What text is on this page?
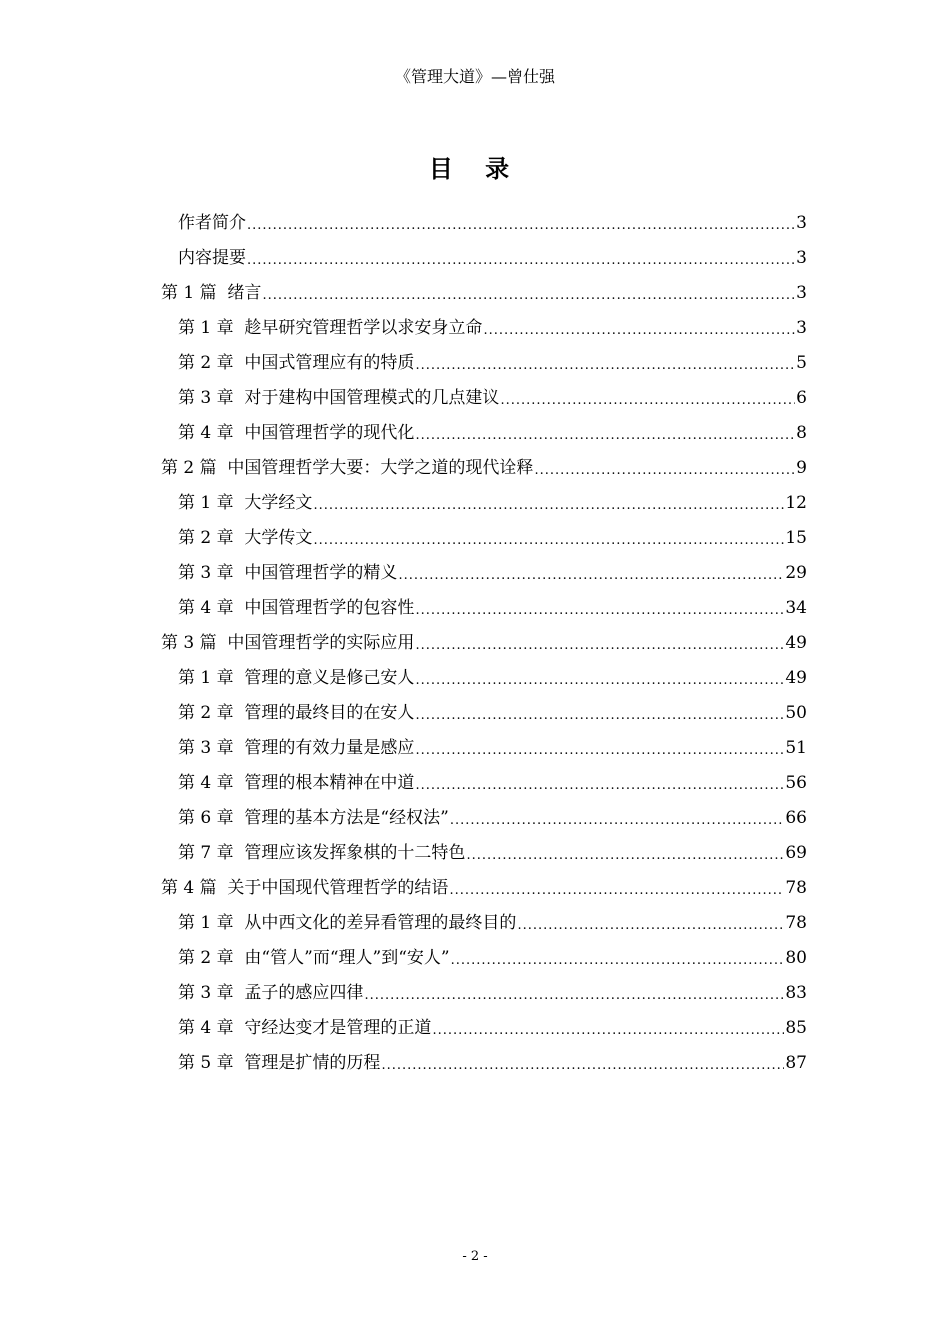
《管理大道》—曾仕强
目 录
作者简介 .....	3
内容提要 .....	3
第 1 篇  绪言 .....	3
第 1 章  趁早研究管理哲学以求安身立命 .....	3
第 2 章  中国式管理应有的特质 .....	5
第 3 章  对于建构中国管理模式的几点建议 .....	6
第 4 章  中国管理哲学的现代化 .....	8
第 2 篇  中国管理哲学大要：大学之道的现代诠释 .....	9
第 1 章  大学经文 .....	12
第 2 章  大学传文 .....	15
第 3 章  中国管理哲学的精义 .....	29
第 4 章  中国管理哲学的包容性 .....	34
第 3 篇  中国管理哲学的实际应用 .....	49
第 1 章  管理的意义是修己安人 .....	49
第 2 章  管理的最终目的在安人 .....	50
第 3 章  管理的有效力量是感应 .....	51
第 4 章  管理的根本精神在中道 .....	56
第 6 章  管理的基本方法是“经权法” .....	66
第 7 章  管理应该发挥象棋的十二特色 .....	69
第 4 篇  关于中国现代管理哲学的结语 .....	78
第 1 章  从中西文化的差异看管理的最终目的 .....	78
第 2 章  由“管人”而“理人”到“安人” .....	80
第 3 章  孟子的感应四律 .....	83
第 4 章  守经达变才是管理的正道 .....	85
第 5 章  管理是扩情的历程 .....	87
- 2 -
